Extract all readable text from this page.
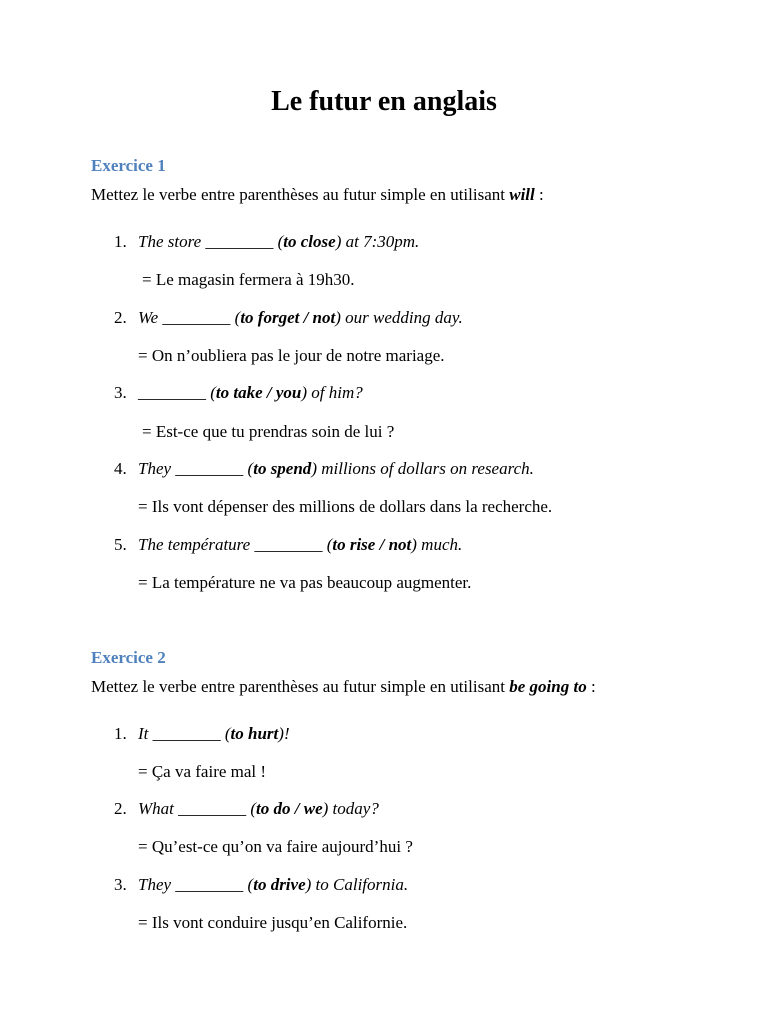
Le futur en anglais
Exercice 1
Mettez le verbe entre parenthèses au futur simple en utilisant will :
1. The store ________ (to close) at 7:30pm.
= Le magasin fermera à 19h30.
2. We ________ (to forget / not) our wedding day.
= On n’oubliera pas le jour de notre mariage.
3. ________ (to take / you) of him?
= Est-ce que tu prendras soin de lui ?
4. They ________ (to spend) millions of dollars on research.
= Ils vont dépenser des millions de dollars dans la recherche.
5. The température ________ (to rise / not) much.
= La température ne va pas beaucoup augmenter.
Exercice 2
Mettez le verbe entre parenthèses au futur simple en utilisant be going to :
1. It ________ (to hurt)!
= Ça va faire mal !
2. What ________ (to do / we) today?
= Qu’est-ce qu’on va faire aujourd’hui ?
3. They ________ (to drive) to California.
= Ils vont conduire jusqu’en Californie.
